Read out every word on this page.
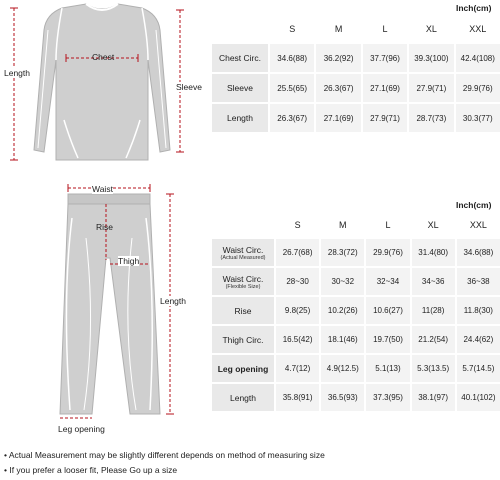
Chest
Length
Sleeve
Waist
Rise
Thigh
Length
Leg opening
Inch(cm)
	S	M	L	XL	XXL
Chest Circ.	34.6(88)	36.2(92)	37.7(96)	39.3(100)	42.4(108)
Sleeve	25.5(65)	26.3(67)	27.1(69)	27.9(71)	29.9(76)
Length	26.3(67)	27.1(69)	27.9(71)	28.7(73)	30.3(77)
Inch(cm)
	S	M	L	XL	XXL
Waist Circ.
(Actual Measured)	26.7(68)	28.3(72)	29.9(76)	31.4(80)	34.6(88)
Waist Circ.
(Flexible Size)	28~30	30~32	32~34	34~36	36~38
Rise	9.8(25)	10.2(26)	10.6(27)	11(28)	11.8(30)
Thigh Circ.	16.5(42)	18.1(46)	19.7(50)	21.2(54)	24.4(62)
Leg opening	4.7(12)	4.9(12.5)	5.1(13)	5.3(13.5)	5.7(14.5)
Length	35.8(91)	36.5(93)	37.3(95)	38.1(97)	40.1(102)
• Actual Measurement may be slightly different depends on method of measuring size
• If you prefer a looser fit, Please Go up a size
